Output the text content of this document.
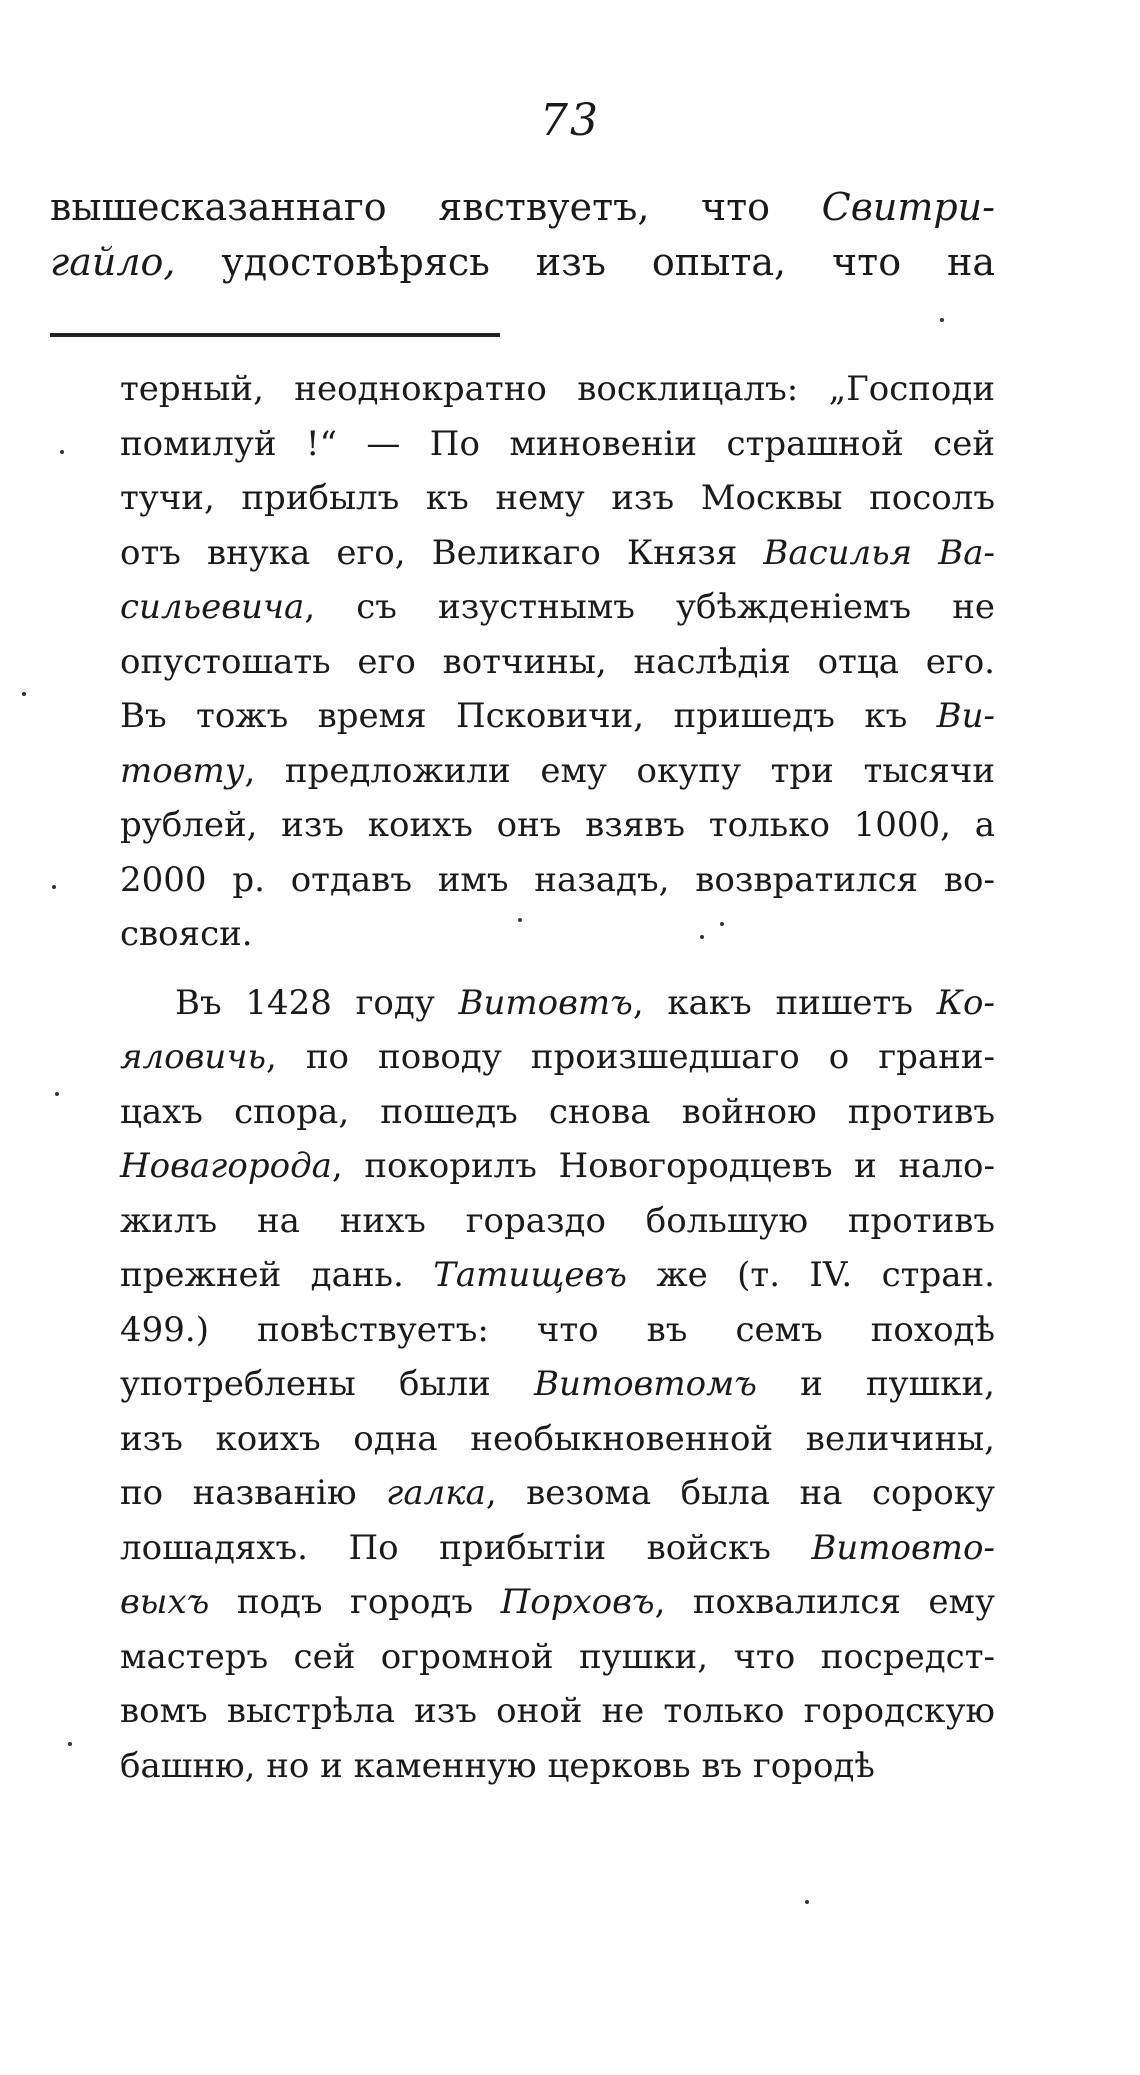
73
вышесказаннаго явствуетъ, что Свитри-
гайло, удостовѣрясь изъ опыта, что на
терный, неоднократно восклицалъ: „Господи
помилуй !“ — По миновеніи страшной сей
тучи, прибылъ къ нему изъ Москвы посолъ
отъ внука его, Великаго Князя Василья Ва-
сильевича, съ изустнымъ убѣжденіемъ не
опустошать его вотчины, наслѣдія отца его.
Въ тожъ время Псковичи, пришедъ къ Ви-
товту, предложили ему окупу три тысячи
рублей, изъ коихъ онъ взявъ только 1000, а
2000 р. отдавъ имъ назадъ, возвратился во-
свояси.
Въ 1428 году Витовтъ, какъ пишетъ Ко-
яловичь, по поводу произшедшаго о грани-
цахъ спора, пошедъ снова войною противъ
Новагорода, покорилъ Новогородцевъ и нало-
жилъ на нихъ гораздо большую противъ
прежней дань. Татищевъ же (т. IV. стран.
499.) повѣствуетъ: что въ семъ походѣ
употреблены были Витовтомъ и пушки,
изъ коихъ одна необыкновенной величины,
по названію галка, везома была на сороку
лошадяхъ. По прибытіи войскъ Витовто-
выхъ подъ городъ Порховъ, похвалился ему
мастеръ сей огромной пушки, что посредст-
вомъ выстрѣла изъ оной не только городскую
башню, но и каменную церковь въ городѣ
